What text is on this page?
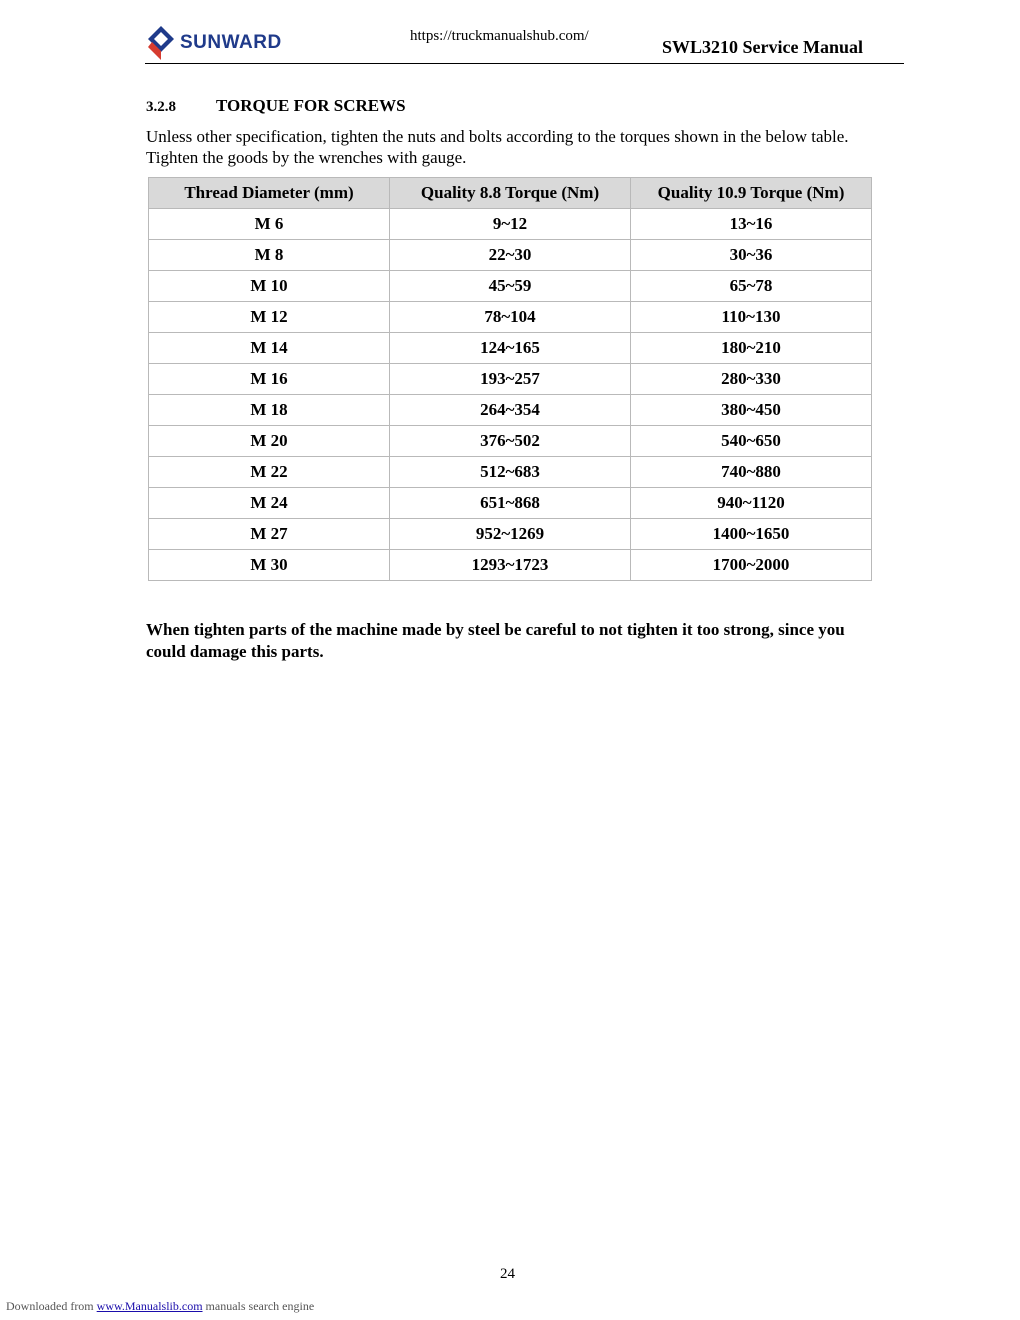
SUNWARD	https://truckmanualshub.com/
SWL3210 Service Manual
3.2.8 TORQUE FOR SCREWS
Unless other specification, tighten the nuts and bolts according to the torques shown in the below table. Tighten the goods by the wrenches with gauge.
Thread Diameter (mm)	Quality 8.8 Torque (Nm)	Quality 10.9 Torque (Nm)
M 6	9~12	13~16
M 8	22~30	30~36
M 10	45~59	65~78
M 12	78~104	110~130
M 14	124~165	180~210
M 16	193~257	280~330
M 18	264~354	380~450
M 20	376~502	540~650
M 22	512~683	740~880
M 24	651~868	940~1120
M 27	952~1269	1400~1650
M 30	1293~1723	1700~2000
When tighten parts of the machine made by steel be careful to not tighten it too strong, since you could damage this parts.
24
Downloaded from www.Manualslib.com manuals search engine
